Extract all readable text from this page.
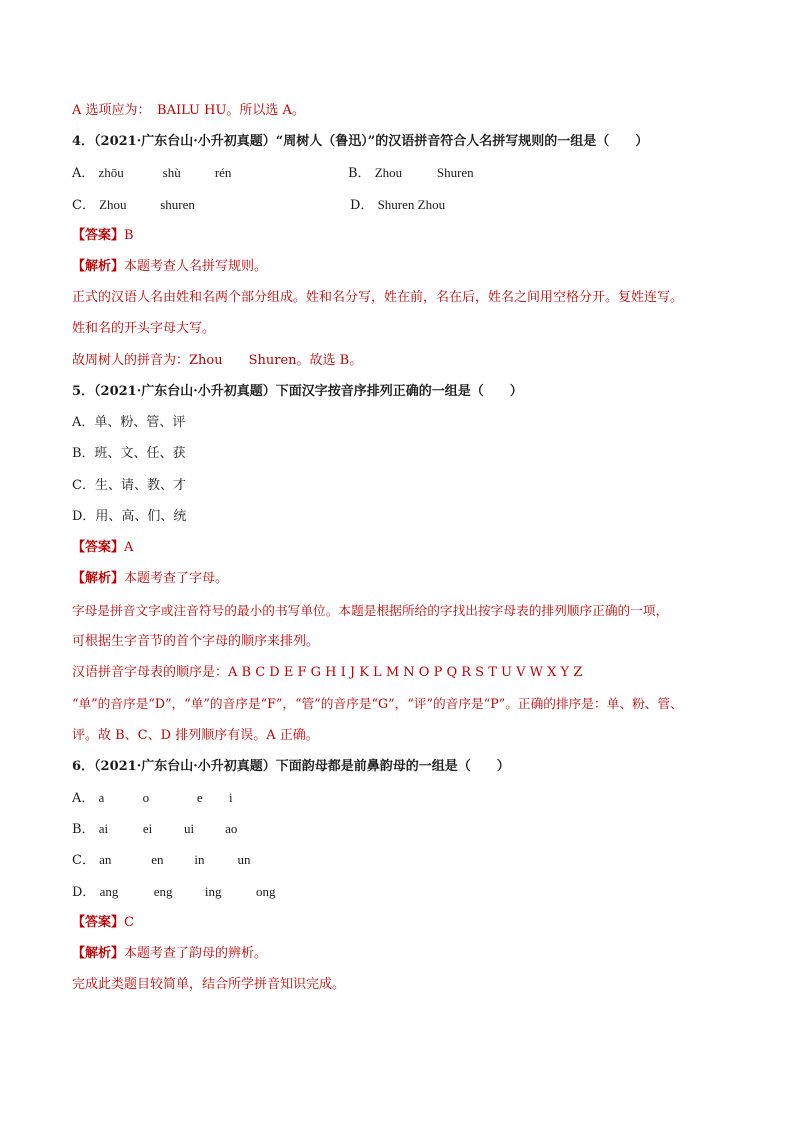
A 选项应为：　BAILU HU。所以选 A。
4．（2021·广东台山·小升初真题）“周树人（鲁迅）”的汉语拼音符合人名拼写规则的一组是（　　）
A． zhōu	shù	rén	B． Zhou	Shuren
C． Zhou	shuren	D． Shuren Zhou
【答案】B
【解析】本题考查人名拼写规则。
正式的汉语人名由姓和名两个部分组成。姓和名分写，姓在前，名在后，姓名之间用空格分开。复姓连写。
姓和名的开头字母大写。
故周树人的拼音为：Zhou　　Shuren。故选 B。
5．（2021·广东台山·小升初真题）下面汉字按音序排列正确的一组是（　　）
A．单、粉、管、评
B．班、文、任、获
C．生、请、教、才
D．用、高、们、统
【答案】A
【解析】本题考查了字母。
字母是拼音文字或注音符号的最小的书写单位。本题是根据所给的字找出按字母表的排列顺序正确的一项，
可根据生字音节的首个字母的顺序来排列。
汉语拼音字母表的顺序是：A B C D E F G H I J K L M N O P Q R S T U V W X Y Z
“单”的音序是“D”，“单”的音序是“F”，“管”的音序是“G”，“评”的音序是“P”。正确的排序是：单、粉、管、
评。故 B、C、D 排列顺序有误。A 正确。
6．（2021·广东台山·小升初真题）下面韵母都是前鼻韵母的一组是（　　）
A． a	o	e i
B． ai	ei ui ao
C． an	en in	un
D． ang	eng ing	ong
【答案】C
【解析】本题考查了韵母的辨析。
完成此类题目较简单，结合所学拼音知识完成。
